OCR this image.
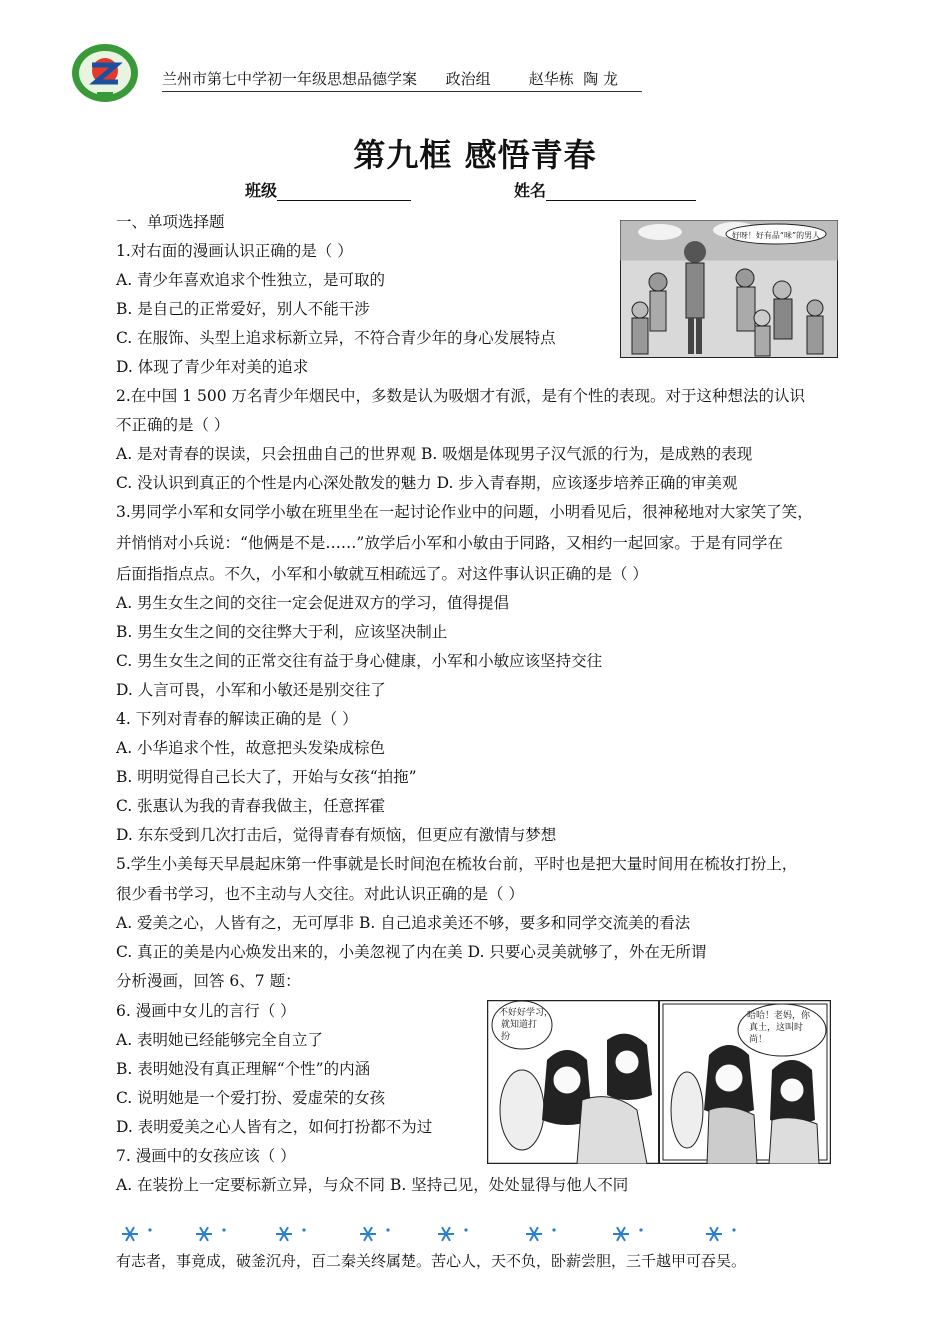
兰州市第七中学初一年级思想品德学案      政治组        赵华栋  陶 龙
第九框 感悟青春
班级	姓名
一、单项选择题
1.对右面的漫画认识正确的是（ ）
A. 青少年喜欢追求个性独立，是可取的
B. 是自己的正常爱好，别人不能干涉
C. 在服饰、头型上追求标新立异，不符合青少年的身心发展特点
D. 体现了青少年对美的追求
2.在中国 1 500 万名青少年烟民中，多数是认为吸烟才有派，是有个性的表现。对于这种想法的认识
不正确的是（ ）
A. 是对青春的误读，只会扭曲自己的世界观 B. 吸烟是体现男子汉气派的行为，是成熟的表现
C. 没认识到真正的个性是内心深处散发的魅力 D. 步入青春期，应该逐步培养正确的审美观
3.男同学小军和女同学小敏在班里坐在一起讨论作业中的问题，小明看见后，很神秘地对大家笑了笑，
并悄悄对小兵说：“他俩是不是……”放学后小军和小敏由于同路，又相约一起回家。于是有同学在
后面指指点点。不久，小军和小敏就互相疏远了。对这件事认识正确的是（ ）
A. 男生女生之间的交往一定会促进双方的学习，值得提倡
B. 男生女生之间的交往弊大于利，应该坚决制止
C. 男生女生之间的正常交往有益于身心健康，小军和小敏应该坚持交往
D. 人言可畏，小军和小敏还是别交往了
4. 下列对青春的解读正确的是（ ）
A. 小华追求个性，故意把头发染成棕色
B. 明明觉得自己长大了，开始与女孩“拍拖”
C. 张惠认为我的青春我做主，任意挥霍
D. 东东受到几次打击后，觉得青春有烦恼，但更应有激情与梦想
5.学生小美每天早晨起床第一件事就是长时间泡在梳妆台前，平时也是把大量时间用在梳妆打扮上，
很少看书学习，也不主动与人交往。对此认识正确的是（ ）
A. 爱美之心，人皆有之，无可厚非 B. 自己追求美还不够，要多和同学交流美的看法
C. 真正的美是内心焕发出来的，小美忽视了内在美 D. 只要心灵美就够了，外在无所谓
分析漫画，回答 6、7 题：
6. 漫画中女儿的言行（ ）
A. 表明她已经能够完全自立了
B. 表明她没有真正理解“个性”的内涵
C. 说明她是一个爱打扮、爱虚荣的女孩
D. 表明爱美之心人皆有之，如何打扮都不为过
7. 漫画中的女孩应该（ ）
A. 在装扮上一定要标新立异，与众不同 B. 坚持己见，处处显得与他人不同
好呀！好有品“味”的男人
不好好学习， 就知道打 扮
哈哈！老妈，你 真土，这叫时 尚！
有志者，事竟成，破釜沉舟，百二秦关终属楚。苦心人，天不负，卧薪尝胆，三千越甲可吞吴。
